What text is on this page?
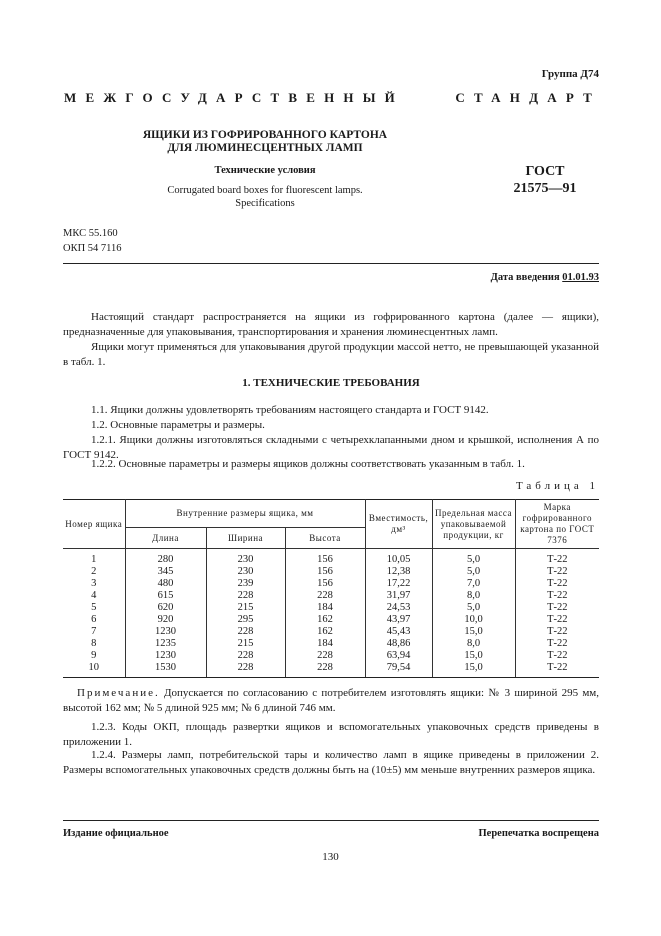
Группа Д74
МЕЖГОСУДАРСТВЕННЫЙ	СТАНДАРТ
ЯЩИКИ ИЗ ГОФРИРОВАННОГО КАРТОНА
ДЛЯ ЛЮМИНЕСЦЕНТНЫХ ЛАМП
Технические условия
Corrugated board boxes for fluorescent lamps.
Specifications
ГОСТ
21575—91
МКС 55.160
ОКП 54 7116
Дата введения 01.01.93
Настоящий стандарт распространяется на ящики из гофрированного картона (далее — ящики), предназначенные для упаковывания, транспортирования и хранения люминесцентных ламп.
Ящики могут применяться для упаковывания другой продукции массой нетто, не превышающей указанной в табл. 1.
1. ТЕХНИЧЕСКИЕ ТРЕБОВАНИЯ
1.1. Ящики должны удовлетворять требованиям настоящего стандарта и ГОСТ 9142.
1.2. Основные параметры и размеры.
1.2.1. Ящики должны изготовляться складными с четырехклапанными дном и крышкой, исполнения А по ГОСТ 9142.
1.2.2. Основные параметры и размеры ящиков должны соответствовать указанным в табл. 1.
Таблица 1
Номер ящика	Внутренние размеры ящика, мм			Вместимость, дм³	Предельная масса упаковываемой продукции, кг	Марка гофрированного картона по ГОСТ 7376
	Длина	Ширина	Высота			
1	280	230	156	10,05	5,0	Т-22
2	345	230	156	12,38	5,0	Т-22
3	480	239	156	17,22	7,0	Т-22
4	615	228	228	31,97	8,0	Т-22
5	620	215	184	24,53	5,0	Т-22
6	920	295	162	43,97	10,0	Т-22
7	1230	228	162	45,43	15,0	Т-22
8	1235	215	184	48,86	8,0	Т-22
9	1230	228	228	63,94	15,0	Т-22
10	1530	228	228	79,54	15,0	Т-22
Примечание. Допускается по согласованию с потребителем изготовлять ящики: № 3 шириной 295 мм, высотой 162 мм; № 5 длиной 925 мм; № 6 длиной 746 мм.
1.2.3. Коды ОКП, площадь развертки ящиков и вспомогательных упаковочных средств приведены в приложении 1.
1.2.4. Размеры ламп, потребительской тары и количество ламп в ящике приведены в приложении 2. Размеры вспомогательных упаковочных средств должны быть на (10±5) мм меньше внутренних размеров ящика.
Издание официальное	Перепечатка воспрещена
130
